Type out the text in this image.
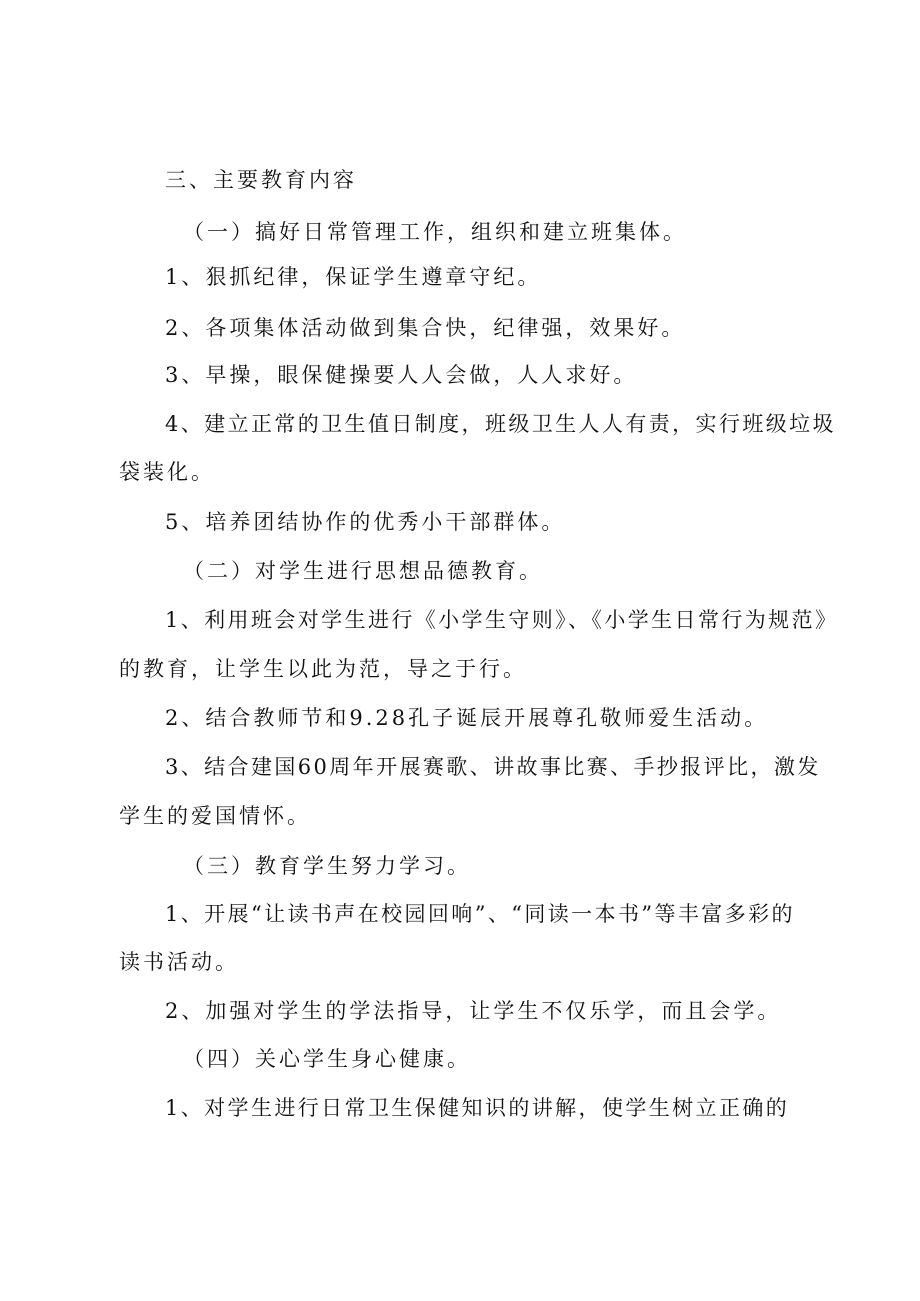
三、主要教育内容

（一）搞好日常管理工作，组织和建立班集体。

1、狠抓纪律，保证学生遵章守纪。

2、各项集体活动做到集合快，纪律强，效果好。

3、早操，眼保健操要人人会做，人人求好。

4、建立正常的卫生值日制度，班级卫生人人有责，实行班级垃圾

袋装化。

5、培养团结协作的优秀小干部群体。

（二）对学生进行思想品德教育。

1、利用班会对学生进行《小学生守则》、《小学生日常行为规范》

的教育，让学生以此为范，导之于行。

2、结合教师节和9.28孔子诞辰开展尊孔敬师爱生活动。

3、结合建国60周年开展赛歌、讲故事比赛、手抄报评比，激发

学生的爱国情怀。

（三）教育学生努力学习。

1、开展“让读书声在校园回响”、“同读一本书”等丰富多彩的

读书活动。

2、加强对学生的学法指导，让学生不仅乐学，而且会学。

（四）关心学生身心健康。

1、对学生进行日常卫生保健知识的讲解，使学生树立正确的
